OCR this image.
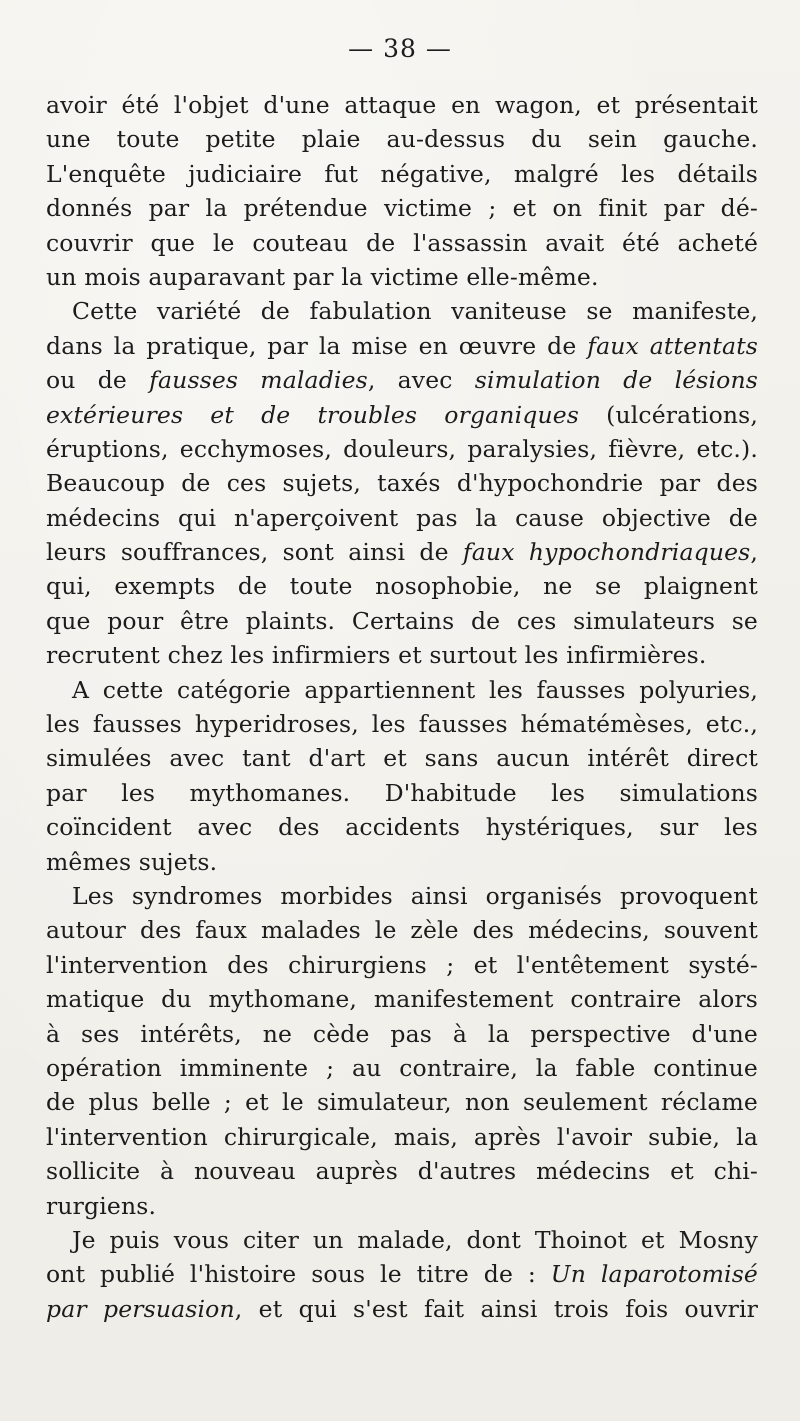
— 38 —
avoir été l'objet d'une attaque en wagon, et présentait
une toute petite plaie au-dessus du sein gauche.
L'enquête judiciaire fut négative, malgré les détails
donnés par la prétendue victime ; et on finit par dé-
couvrir que le couteau de l'assassin avait été acheté
un mois auparavant par la victime elle-même.
Cette variété de fabulation vaniteuse se manifeste,
dans la pratique, par la mise en œuvre de faux attentats
ou de fausses maladies, avec simulation de lésions
extérieures et de troubles organiques (ulcérations,
éruptions, ecchymoses, douleurs, paralysies, fièvre, etc.).
Beaucoup de ces sujets, taxés d'hypochondrie par des
médecins qui n'aperçoivent pas la cause objective de
leurs souffrances, sont ainsi de faux hypochondriaques,
qui, exempts de toute nosophobie, ne se plaignent
que pour être plaints. Certains de ces simulateurs se
recrutent chez les infirmiers et surtout les infirmières.
A cette catégorie appartiennent les fausses polyuries,
les fausses hyperidroses, les fausses hématémèses, etc.,
simulées avec tant d'art et sans aucun intérêt direct
par les mythomanes. D'habitude les simulations
coïncident avec des accidents hystériques, sur les
mêmes sujets.
Les syndromes morbides ainsi organisés provoquent
autour des faux malades le zèle des médecins, souvent
l'intervention des chirurgiens ; et l'entêtement systé-
matique du mythomane, manifestement contraire alors
à ses intérêts, ne cède pas à la perspective d'une
opération imminente ; au contraire, la fable continue
de plus belle ; et le simulateur, non seulement réclame
l'intervention chirurgicale, mais, après l'avoir subie, la
sollicite à nouveau auprès d'autres médecins et chi-
rurgiens.
Je puis vous citer un malade, dont Thoinot et Mosny
ont publié l'histoire sous le titre de : Un laparotomisé
par persuasion, et qui s'est fait ainsi trois fois ouvrir
